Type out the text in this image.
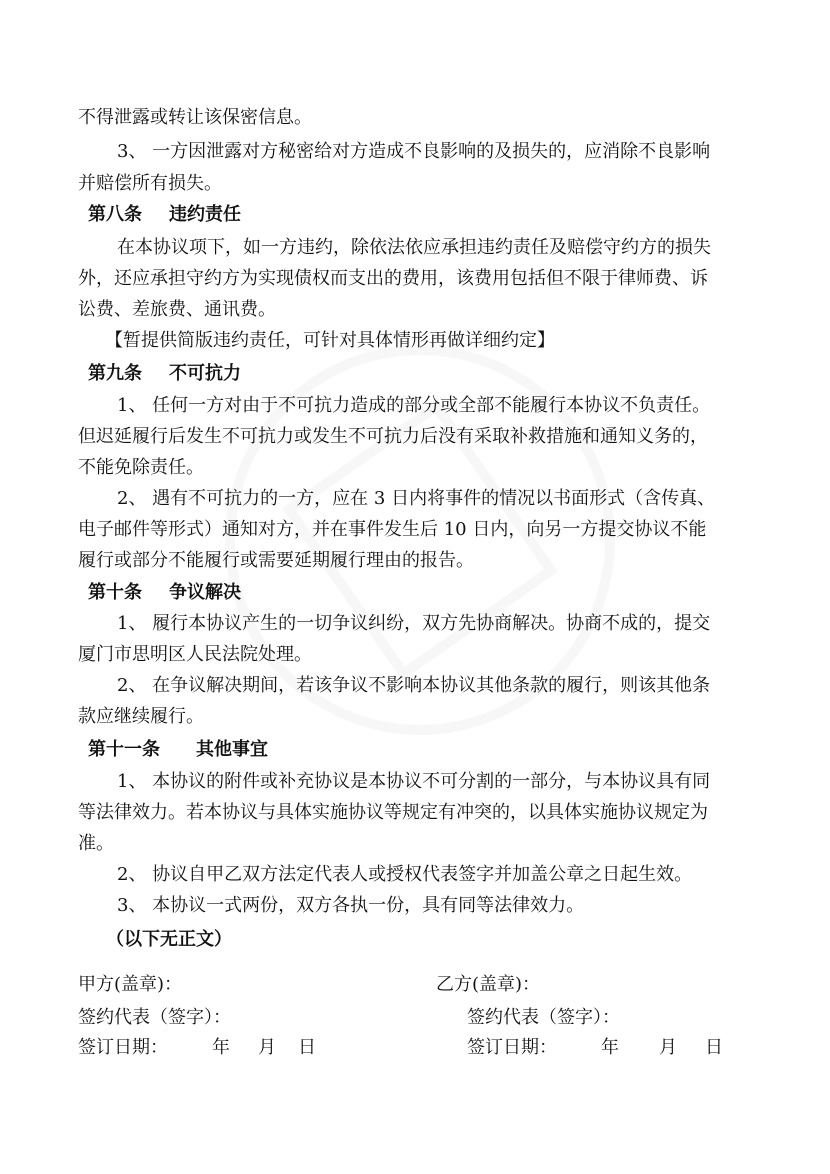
不得泄露或转让该保密信息。
3、 一方因泄露对方秘密给对方造成不良影响的及损失的，应消除不良影响
并赔偿所有损失。
第八条 违约责任
在本协议项下，如一方违约，除依法依应承担违约责任及赔偿守约方的损失
外，还应承担守约方为实现债权而支出的费用，该费用包括但不限于律师费、诉
讼费、差旅费、通讯费。
【暂提供简版违约责任，可针对具体情形再做详细约定】
第九条 不可抗力
1、 任何一方对由于不可抗力造成的部分或全部不能履行本协议不负责任。
但迟延履行后发生不可抗力或发生不可抗力后没有采取补救措施和通知义务的，
不能免除责任。
2、 遇有不可抗力的一方，应在 3 日内将事件的情况以书面形式（含传真、
电子邮件等形式）通知对方，并在事件发生后 10 日内，向另一方提交协议不能
履行或部分不能履行或需要延期履行理由的报告。
第十条 争议解决
1、 履行本协议产生的一切争议纠纷，双方先协商解决。协商不成的，提交
厦门市思明区人民法院处理。
2、 在争议解决期间，若该争议不影响本协议其他条款的履行，则该其他条
款应继续履行。
第十一条 其他事宜
1、 本协议的附件或补充协议是本协议不可分割的一部分，与本协议具有同
等法律效力。若本协议与具体实施协议等规定有冲突的，以具体实施协议规定为
准。
2、 协议自甲乙双方法定代表人或授权代表签字并加盖公章之日起生效。
3、 本协议一式两份，双方各执一份，具有同等法律效力。
（以下无正文）
甲方(盖章)：
签约代表（签字）：
签订日期： 年 月 日
乙方(盖章)：
签约代表（签字）：
签订日期： 年 月 日
